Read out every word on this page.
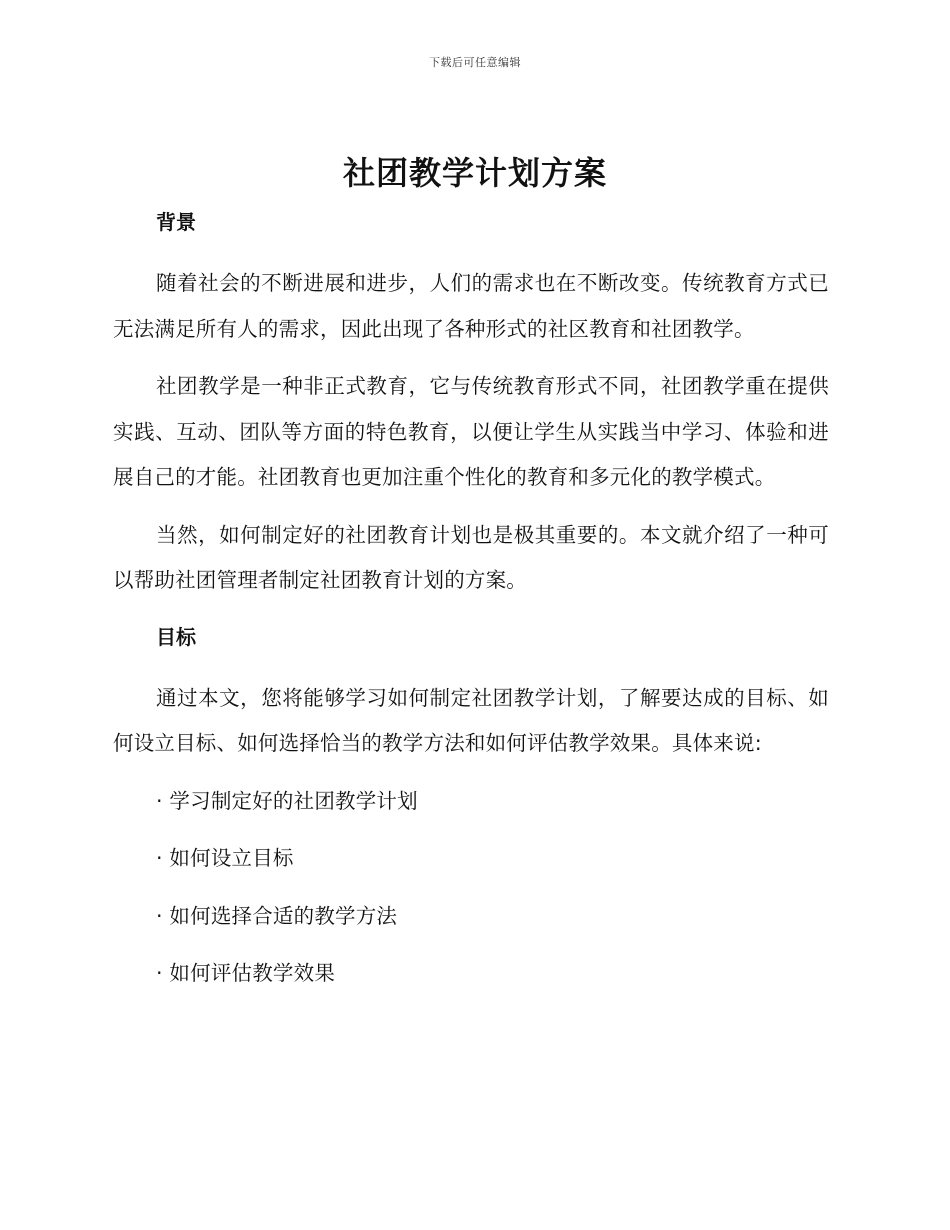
下载后可任意编辑
社团教学计划方案
背景

随着社会的不断进展和进步，人们的需求也在不断改变。传统教育方式已无法满足所有人的需求，因此出现了各种形式的社区教育和社团教学。

社团教学是一种非正式教育，它与传统教育形式不同，社团教学重在提供实践、互动、团队等方面的特色教育，以便让学生从实践当中学习、体验和进展自己的才能。社团教育也更加注重个性化的教育和多元化的教学模式。

当然，如何制定好的社团教育计划也是极其重要的。本文就介绍了一种可以帮助社团管理者制定社团教育计划的方案。

目标

通过本文，您将能够学习如何制定社团教学计划，了解要达成的目标、如何设立目标、如何选择恰当的教学方法和如何评估教学效果。具体来说:

· 学习制定好的社团教学计划
· 如何设立目标
· 如何选择合适的教学方法
· 如何评估教学效果
